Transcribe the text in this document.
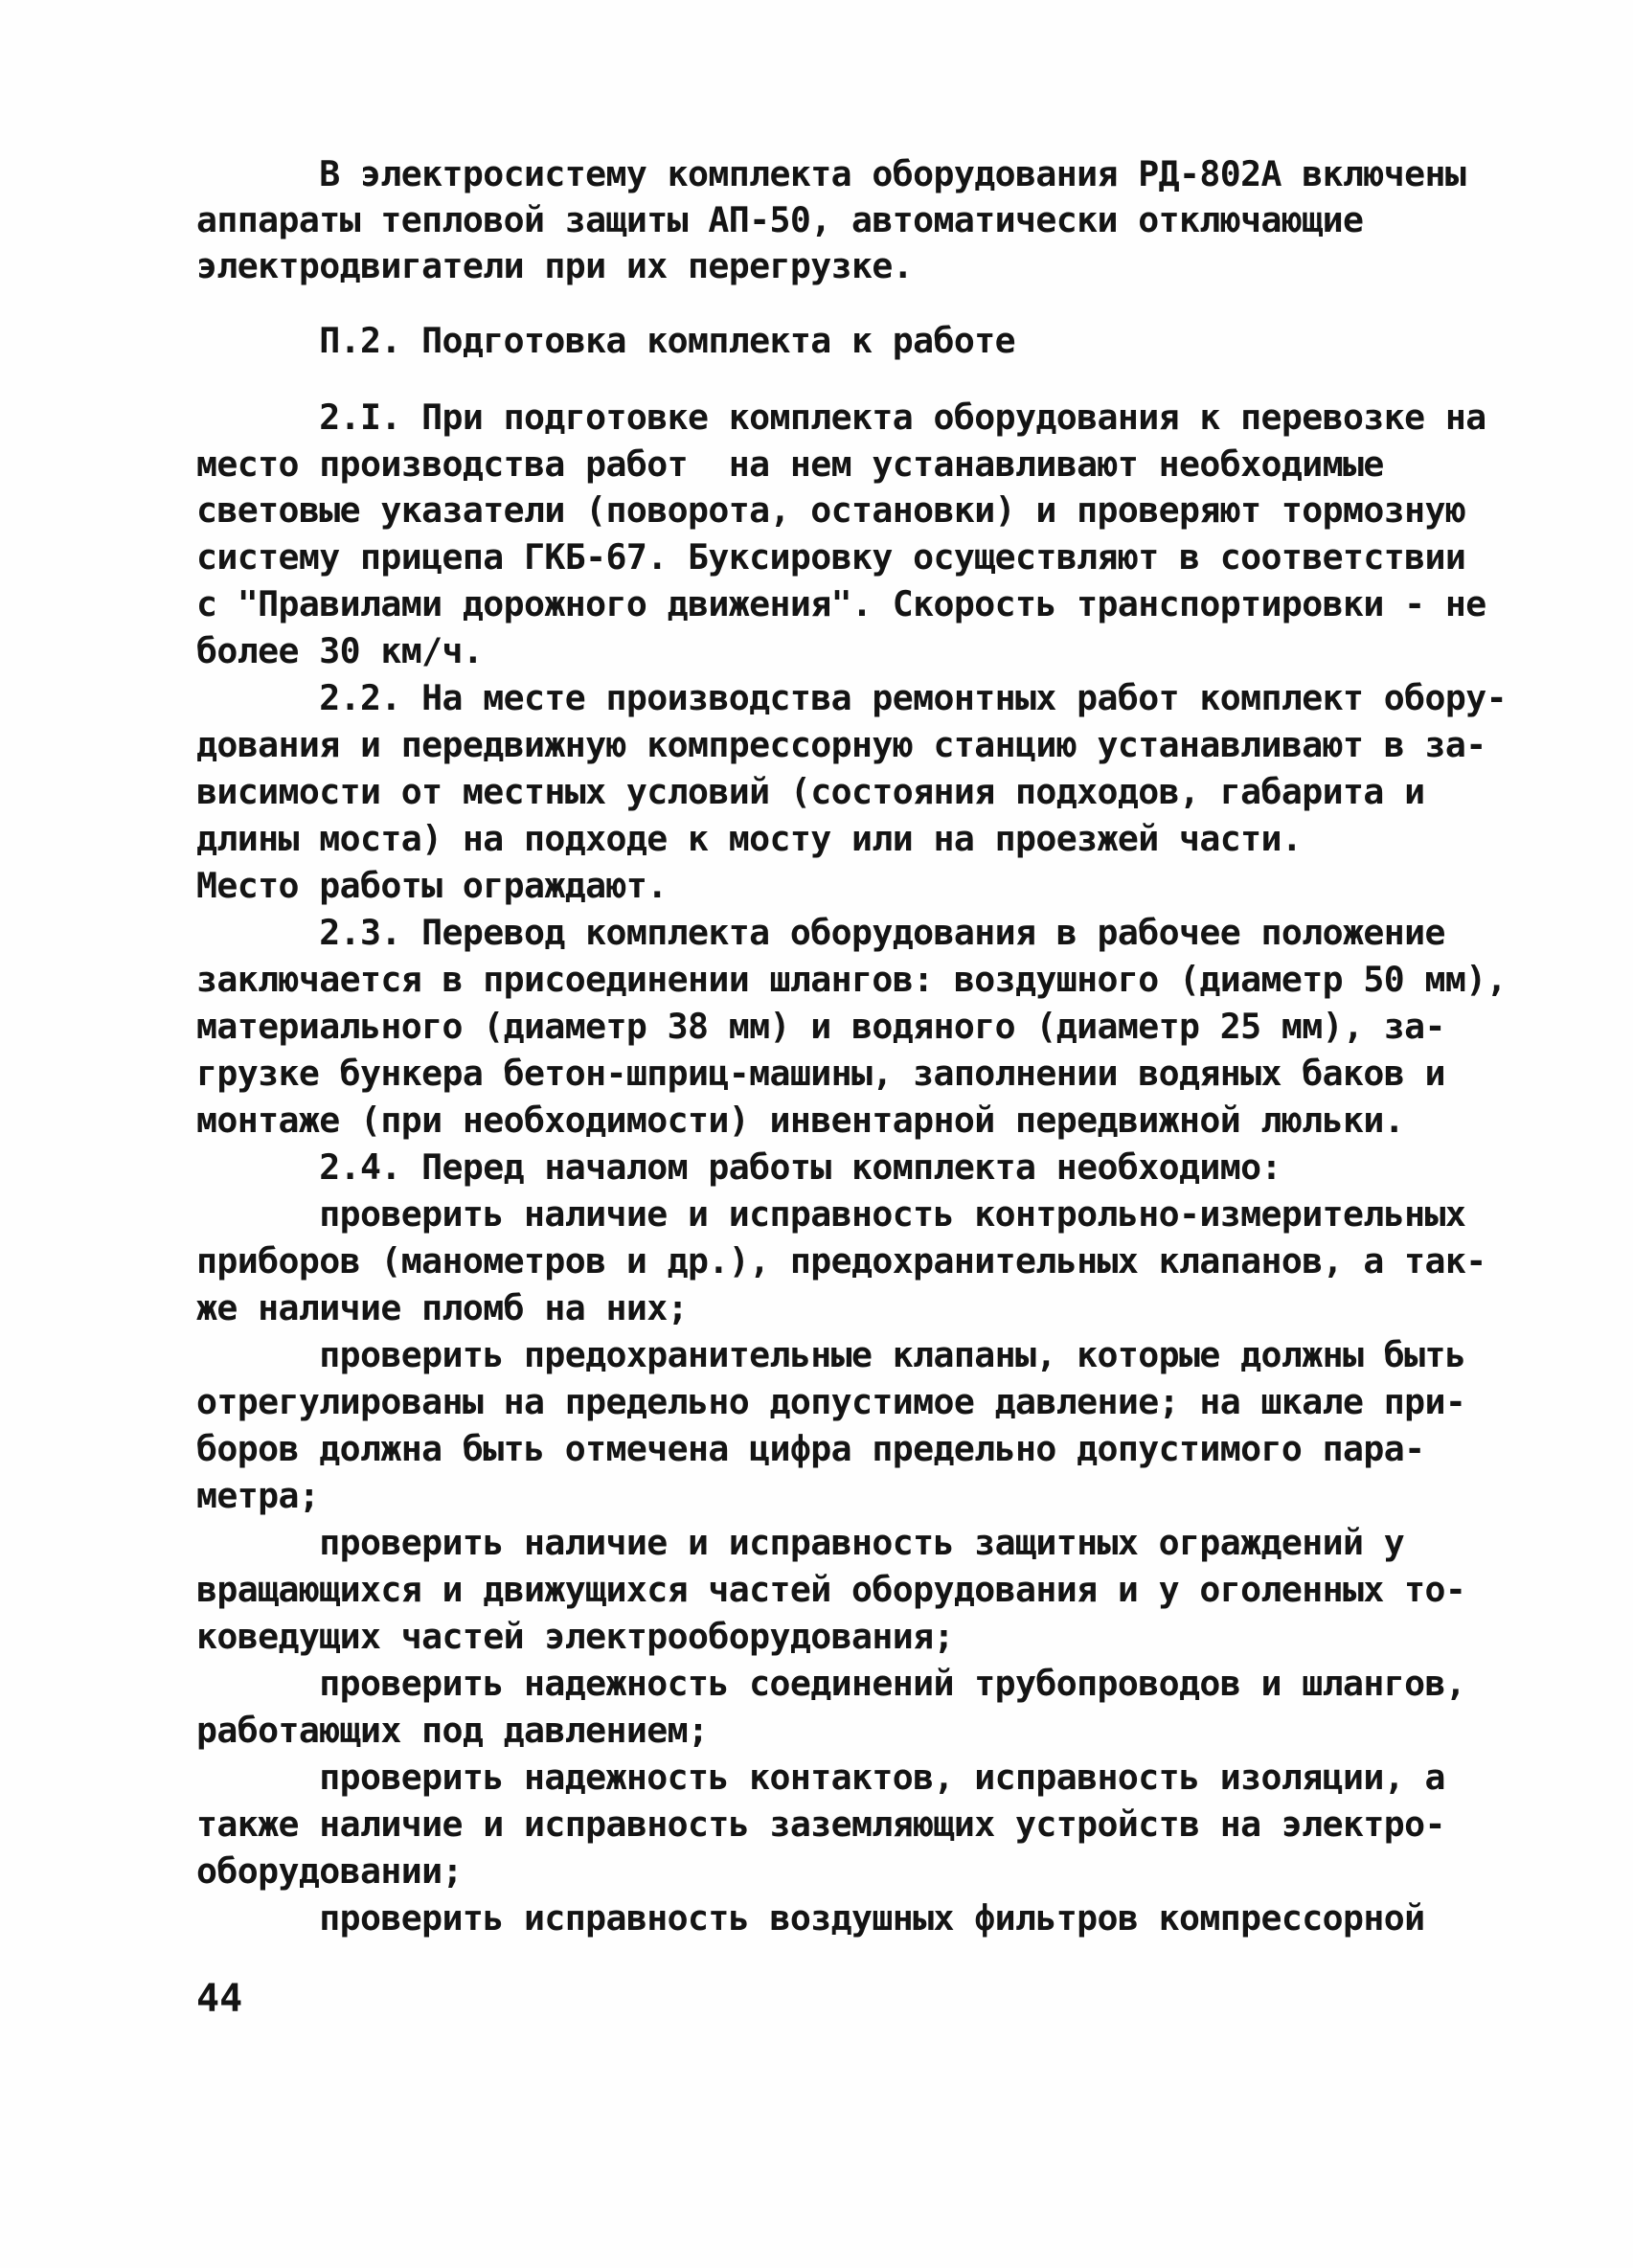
В электросистему комплекта оборудования РД-802А включены
аппараты тепловой защиты АП-50, автоматически отключающие
электродвигатели при их перегрузке.
П.2. Подготовка комплекта к работе
2.I. При подготовке комплекта оборудования к перевозке на
место производства работ  на нем устанавливают необходимые
световые указатели (поворота, остановки) и проверяют тормозную
систему прицепа ГКБ-67. Буксировку осуществляют в соответствии
с "Правилами дорожного движения". Скорость транспортировки - не
более 30 км/ч.
2.2. На месте производства ремонтных работ комплект обору-
дования и передвижную компрессорную станцию устанавливают в за-
висимости от местных условий (состояния подходов, габарита и
длины моста) на подходе к мосту или на проезжей части.
Место работы ограждают.
2.3. Перевод комплекта оборудования в рабочее положение
заключается в присоединении шлангов: воздушного (диаметр 50 мм),
материального (диаметр 38 мм) и водяного (диаметр 25 мм), за-
грузке бункера бетон-шприц-машины, заполнении водяных баков и
монтаже (при необходимости) инвентарной передвижной люльки.
2.4. Перед началом работы комплекта необходимо:
проверить наличие и исправность контрольно-измерительных
приборов (манометров и др.), предохранительных клапанов, а так-
же наличие пломб на них;
проверить предохранительные клапаны, которые должны быть
отрегулированы на предельно допустимое давление; на шкале при-
боров должна быть отмечена цифра предельно допустимого пара-
метра;
проверить наличие и исправность защитных ограждений у
вращающихся и движущихся частей оборудования и у оголенных то-
коведущих частей электрооборудования;
проверить надежность соединений трубопроводов и шлангов,
работающих под давлением;
проверить надежность контактов, исправность изоляции, а
также наличие и исправность заземляющих устройств на электро-
оборудовании;
проверить исправность воздушных фильтров компрессорной
44
